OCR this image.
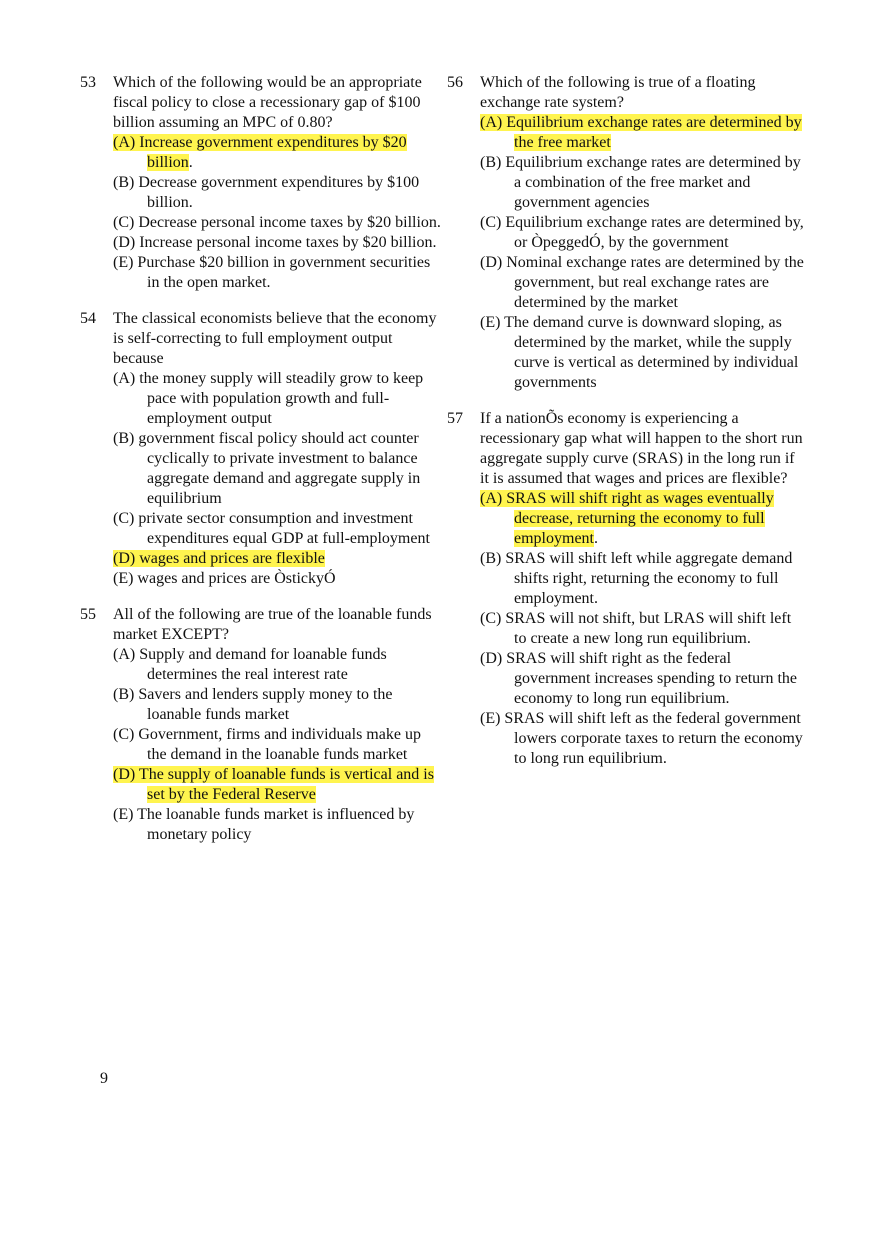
53 Which of the following would be an appropriate fiscal policy to close a recessionary gap of $100 billion assuming an MPC of 0.80?
(A) Increase government expenditures by $20 billion.
(B) Decrease government expenditures by $100 billion.
(C) Decrease personal income taxes by $20 billion.
(D) Increase personal income taxes by $20 billion.
(E) Purchase $20 billion in government securities in the open market.
54 The classical economists believe that the economy is self-correcting to full employment output because
(A) the money supply will steadily grow to keep pace with population growth and full-employment output
(B) government fiscal policy should act counter cyclically to private investment to balance aggregate demand and aggregate supply in equilibrium
(C) private sector consumption and investment expenditures equal GDP at full-employment
(D) wages and prices are flexible
(E) wages and prices are ÒstickyÓ
55 All of the following are true of the loanable funds market EXCEPT?
(A) Supply and demand for loanable funds determines the real interest rate
(B) Savers and lenders supply money to the loanable funds market
(C) Government, firms and individuals make up the demand in the loanable funds market
(D) The supply of loanable funds is vertical and is set by the Federal Reserve
(E) The loanable funds market is influenced by monetary policy
56 Which of the following is true of a floating exchange rate system?
(A) Equilibrium exchange rates are determined by the free market
(B) Equilibrium exchange rates are determined by a combination of the free market and government agencies
(C) Equilibrium exchange rates are determined by, or ÒpeggedÓ, by the government
(D) Nominal exchange rates are determined by the government, but real exchange rates are determined by the market
(E) The demand curve is downward sloping, as determined by the market, while the supply curve is vertical as determined by individual governments
57 If a nationÕs economy is experiencing a recessionary gap what will happen to the short run aggregate supply curve (SRAS) in the long run if it is assumed that wages and prices are flexible?
(A) SRAS will shift right as wages eventually decrease, returning the economy to full employment.
(B) SRAS will shift left while aggregate demand shifts right, returning the economy to full employment.
(C) SRAS will not shift, but LRAS will shift left to create a new long run equilibrium.
(D) SRAS will shift right as the federal government increases spending to return the economy to long run equilibrium.
(E) SRAS will shift left as the federal government lowers corporate taxes to return the economy to long run equilibrium.
9
